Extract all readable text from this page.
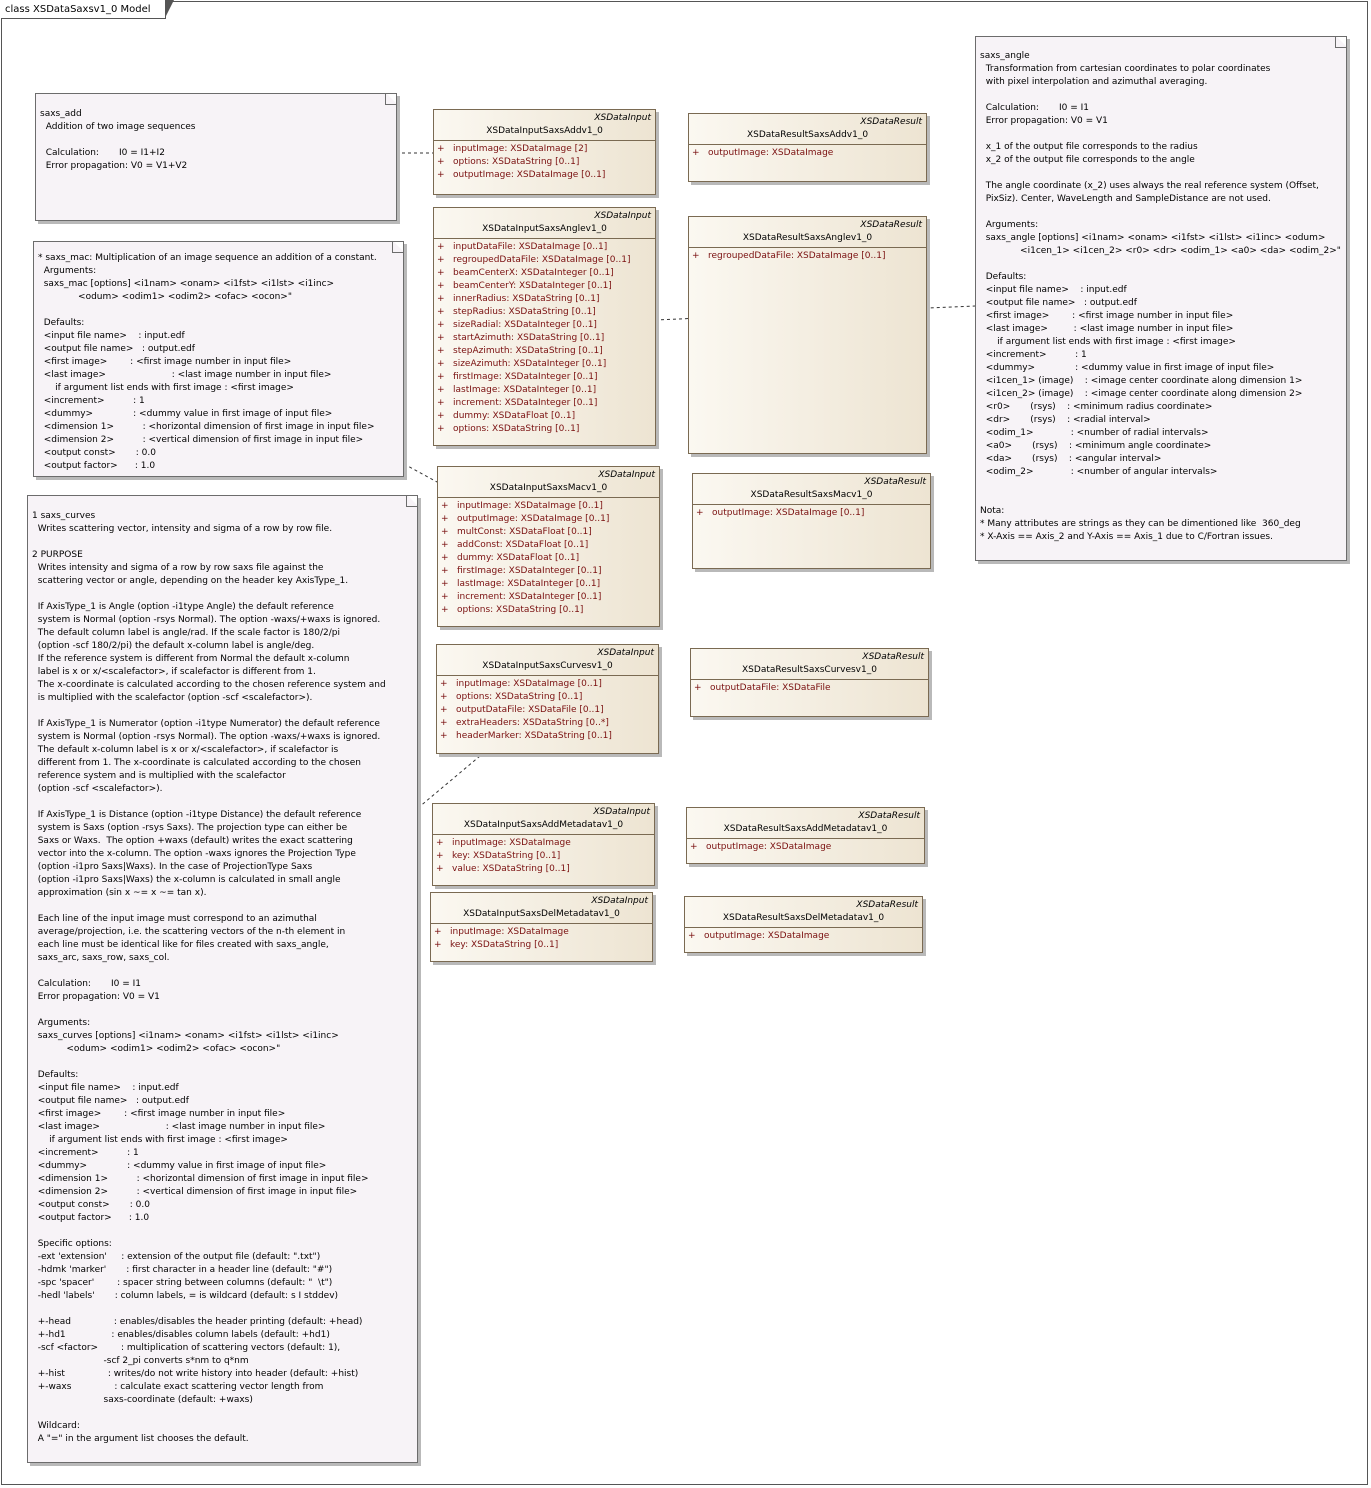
class XSDataSaxsv1_0 Model
saxs_add
Addition of two image sequences

Calculation:       I0 = I1+I2
Error propagation: V0 = V1+V2
* saxs_mac: Multiplication of an image sequence an addition of a constant.
Arguments:
saxs_mac [options] <i1nam> <onam> <i1fst> <i1lst> <i1inc>
<odum> <odim1> <odim2> <ofac> <ocon>"

Defaults:
<input file name>    : input.edf
<output file name>   : output.edf
<first image>        : <first image number in input file>
<last image>                       : <last image number in input file>
if argument list ends with first image : <first image>
<increment>          : 1
<dummy>              : <dummy value in first image of input file>
<dimension 1>          : <horizontal dimension of first image in input file>
<dimension 2>          : <vertical dimension of first image in input file>
<output const>       : 0.0
<output factor>      : 1.0
1 saxs_curves
Writes scattering vector, intensity and sigma of a row by row file.

2 PURPOSE
Writes intensity and sigma of a row by row saxs file against the
scattering vector or angle, depending on the header key AxisType_1.

If AxisType_1 is Angle (option -i1type Angle) the default reference
system is Normal (option -rsys Normal). The option -waxs/+waxs is ignored.
The default column label is angle/rad. If the scale factor is 180/2/pi
(option -scf 180/2/pi) the default x-column label is angle/deg.
If the reference system is different from Normal the default x-column
label is x or x/<scalefactor>, if scalefactor is different from 1.
The x-coordinate is calculated according to the chosen reference system and
is multiplied with the scalefactor (option -scf <scalefactor>).

If AxisType_1 is Numerator (option -i1type Numerator) the default reference
system is Normal (option -rsys Normal). The option -waxs/+waxs is ignored.
The default x-column label is x or x/<scalefactor>, if scalefactor is
different from 1. The x-coordinate is calculated according to the chosen
reference system and is multiplied with the scalefactor
(option -scf <scalefactor>).

If AxisType_1 is Distance (option -i1type Distance) the default reference
system is Saxs (option -rsys Saxs). The projection type can either be
Saxs or Waxs.  The option +waxs (default) writes the exact scattering
vector into the x-column. The option -waxs ignores the Projection Type
(option -i1pro Saxs|Waxs). In the case of ProjectionType Saxs
(option -i1pro Saxs|Waxs) the x-column is calculated in small angle
approximation (sin x ~= x ~= tan x).

Each line of the input image must correspond to an azimuthal
average/projection, i.e. the scattering vectors of the n-th element in
each line must be identical like for files created with saxs_angle,
saxs_arc, saxs_row, saxs_col.

Calculation:       I0 = I1
Error propagation: V0 = V1

Arguments:
saxs_curves [options] <i1nam> <onam> <i1fst> <i1lst> <i1inc>
<odum> <odim1> <odim2> <ofac> <ocon>"

Defaults:
<input file name>    : input.edf
<output file name>   : output.edf
<first image>        : <first image number in input file>
<last image>                       : <last image number in input file>
if argument list ends with first image : <first image>
<increment>          : 1
<dummy>              : <dummy value in first image of input file>
<dimension 1>          : <horizontal dimension of first image in input file>
<dimension 2>          : <vertical dimension of first image in input file>
<output const>       : 0.0
<output factor>      : 1.0

Specific options:
-ext 'extension'     : extension of the output file (default: ".txt")
-hdmk 'marker'       : first character in a header line (default: "#")
-spc 'spacer'        : spacer string between columns (default: "  \t")
-hedl 'labels'       : column labels, = is wildcard (default: s I stddev)

+-head               : enables/disables the header printing (default: +head)
+-hd1                : enables/disables column labels (default: +hd1)
-scf <factor>        : multiplication of scattering vectors (default: 1),
-scf 2_pi converts s*nm to q*nm
+-hist               : writes/do not write history into header (default: +hist)
+-waxs               : calculate exact scattering vector length from
saxs-coordinate (default: +waxs)

Wildcard:
A "=" in the argument list chooses the default.
saxs_angle
Transformation from cartesian coordinates to polar coordinates
with pixel interpolation and azimuthal averaging.

Calculation:       I0 = I1
Error propagation: V0 = V1

x_1 of the output file corresponds to the radius
x_2 of the output file corresponds to the angle

The angle coordinate (x_2) uses always the real reference system (Offset,
PixSiz). Center, WaveLength and SampleDistance are not used.

Arguments:
saxs_angle [options] <i1nam> <onam> <i1fst> <i1lst> <i1inc> <odum>
<i1cen_1> <i1cen_2> <r0> <dr> <odim_1> <a0> <da> <odim_2>"

Defaults:
<input file name>    : input.edf
<output file name>   : output.edf
<first image>        : <first image number in input file>
<last image>         : <last image number in input file>
if argument list ends with first image : <first image>
<increment>          : 1
<dummy>              : <dummy value in first image of input file>
<i1cen_1> (image)    : <image center coordinate along dimension 1>
<i1cen_2> (image)    : <image center coordinate along dimension 2>
<r0>       (rsys)    : <minimum radius coordinate>
<dr>       (rsys)    : <radial interval>
<odim_1>             : <number of radial intervals>
<a0>       (rsys)    : <minimum angle coordinate>
<da>       (rsys)    : <angular interval>
<odim_2>             : <number of angular intervals>

Nota:
* Many attributes are strings as they can be dimentioned like  360_deg
* X-Axis == Axis_2 and Y-Axis == Axis_1 due to C/Fortran issues.
XSDataInput
XSDataInputSaxsAddv1_0
+ inputImage: XSDataImage [2]
+ options: XSDataString [0..1]
+ outputImage: XSDataImage [0..1]
XSDataResult
XSDataResultSaxsAddv1_0
+ outputImage: XSDataImage
XSDataInput
XSDataInputSaxsAnglev1_0
+ inputDataFile: XSDataImage [0..1]
+ regroupedDataFile: XSDataImage [0..1]
+ beamCenterX: XSDataInteger [0..1]
+ beamCenterY: XSDataInteger [0..1]
+ innerRadius: XSDataString [0..1]
+ stepRadius: XSDataString [0..1]
+ sizeRadial: XSDataInteger [0..1]
+ startAzimuth: XSDataString [0..1]
+ stepAzimuth: XSDataString [0..1]
+ sizeAzimuth: XSDataInteger [0..1]
+ firstImage: XSDataInteger [0..1]
+ lastImage: XSDataInteger [0..1]
+ increment: XSDataInteger [0..1]
+ dummy: XSDataFloat [0..1]
+ options: XSDataString [0..1]
XSDataResult
XSDataResultSaxsAnglev1_0
+ regroupedDataFile: XSDataImage [0..1]
XSDataInput
XSDataInputSaxsMacv1_0
+ inputImage: XSDataImage [0..1]
+ outputImage: XSDataImage [0..1]
+ multConst: XSDataFloat [0..1]
+ addConst: XSDataFloat [0..1]
+ dummy: XSDataFloat [0..1]
+ firstImage: XSDataInteger [0..1]
+ lastImage: XSDataInteger [0..1]
+ increment: XSDataInteger [0..1]
+ options: XSDataString [0..1]
XSDataResult
XSDataResultSaxsMacv1_0
+ outputImage: XSDataImage [0..1]
XSDataInput
XSDataInputSaxsCurvesv1_0
+ inputImage: XSDataImage [0..1]
+ options: XSDataString [0..1]
+ outputDataFile: XSDataFile [0..1]
+ extraHeaders: XSDataString [0..*]
+ headerMarker: XSDataString [0..1]
XSDataResult
XSDataResultSaxsCurvesv1_0
+ outputDataFile: XSDataFile
XSDataInput
XSDataInputSaxsAddMetadatav1_0
+ inputImage: XSDataImage
+ key: XSDataString [0..1]
+ value: XSDataString [0..1]
XSDataResult
XSDataResultSaxsAddMetadatav1_0
+ outputImage: XSDataImage
XSDataInput
XSDataInputSaxsDelMetadatav1_0
+ inputImage: XSDataImage
+ key: XSDataString [0..1]
XSDataResult
XSDataResultSaxsDelMetadatav1_0
+ outputImage: XSDataImage
